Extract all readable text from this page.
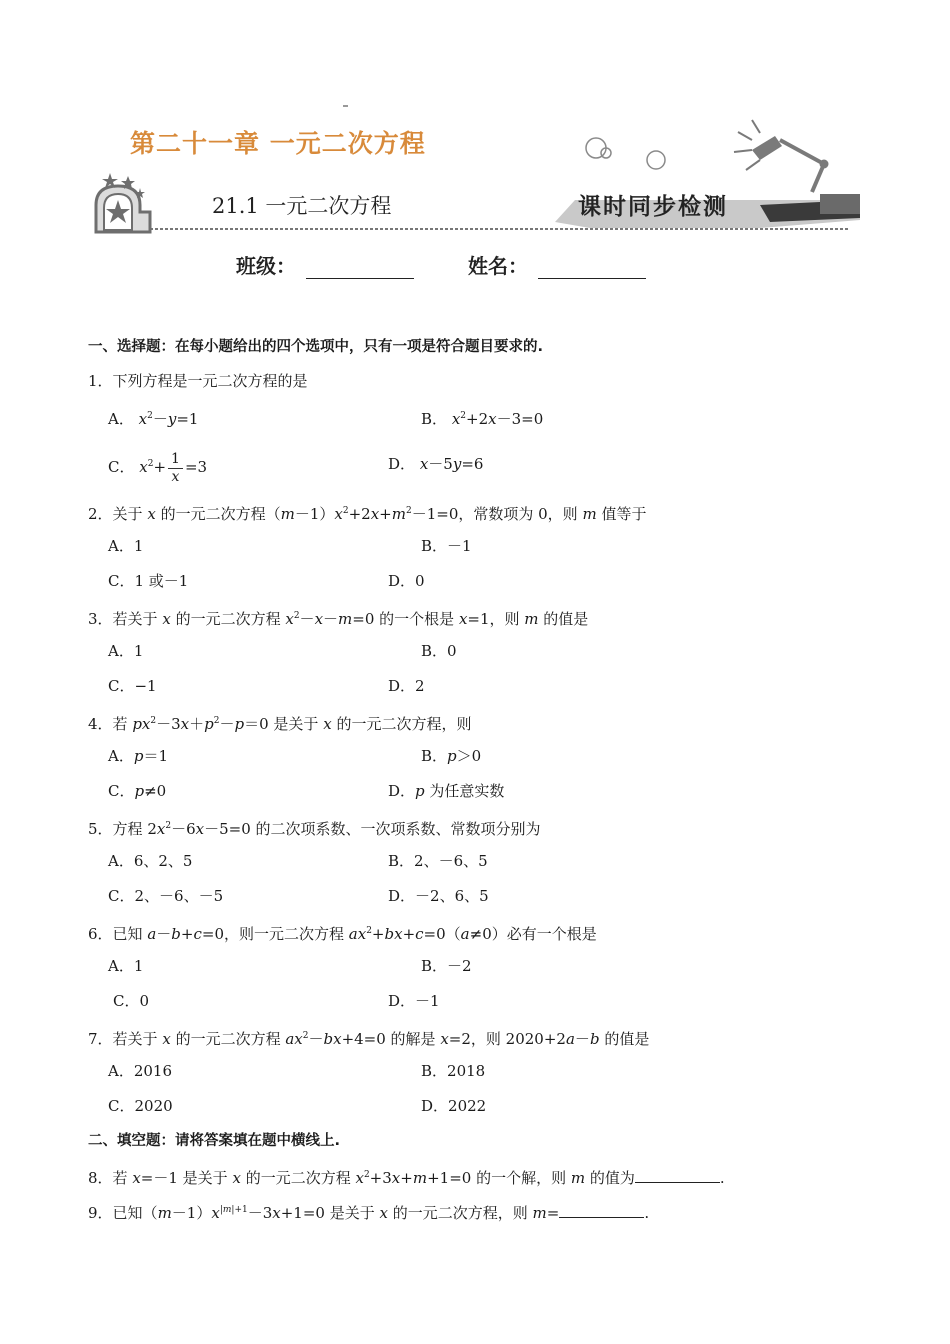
第二十一章 一元二次方程
21.1 一元二次方程	课时同步检测
班级：	姓名：
一、选择题：在每小题给出的四个选项中，只有一项是符合题目要求的.
1．下列方程是一元二次方程的是
A． $x^2-y=1$	B． $x^2+2x-3=0$
C． $x^2+ \frac{1}{x} =3$	D． x－5y=6
2．关于 x 的一元二次方程$(m-1)x^2+2x+m^2-1=0$，常数项为 0，则 m 值等于
A．1	B．－1
C．1 或－1	D．0
3．若关于 x 的一元二次方程 $x^2-x-m=0$ 的一个根是 x=1，则 m 的值是
A．1	B．0
C．−1	D．2
4．若 $px^2-3x+p^2-p=0$ 是关于 x 的一元二次方程，则
A．p＝1	B．p＞0
C．p≠0	D．p 为任意实数
5．方程 $2x^2-6x-5=0$ 的二次项系数、一次项系数、常数项分别为
A．6、2、5	B．2、－6、5
C．2、－6、－5	D．－2、6、5
6．已知 a－b+c=0，则一元二次方程 $ax^2+bx+c=0(a\ne 0)$必有一个根是
A．1	B．－2
C．0	D．－1
7．若关于 x 的一元二次方程 $ax^2-bx+4=0$ 的解是 x=2，则 2020+2a－b 的值是
A．2016	B．2018
C．2020	D．2022
二、填空题：请将答案填在题中横线上.
8．若 x=－1 是关于 x 的一元二次方程 $x^2+3x+m+1=0$ 的一个解，则 m 的值为	.
9．已知$(m-1)x^{|m|+1}-3x+1=0$ 是关于 x 的一元二次方程，则 m=	.
